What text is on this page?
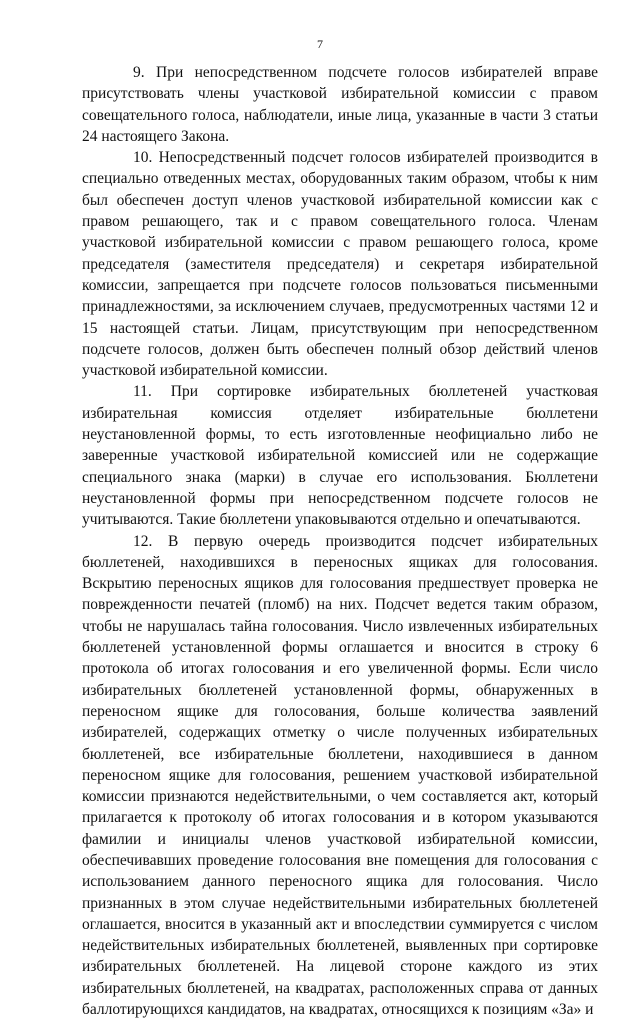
7

9. При непосредственном подсчете голосов избирателей вправе присутствовать члены участковой избирательной комиссии с правом совещательного голоса, наблюдатели, иные лица, указанные в части 3 статьи 24 настоящего Закона.

10. Непосредственный подсчет голосов избирателей производится в специально отведенных местах, оборудованных таким образом, чтобы к ним был обеспечен доступ членов участковой избирательной комиссии как с правом решающего, так и с правом совещательного голоса. Членам участковой избирательной комиссии с правом решающего голоса, кроме председателя (заместителя председателя) и секретаря избирательной комиссии, запрещается при подсчете голосов пользоваться письменными принадлежностями, за исключением случаев, предусмотренных частями 12 и 15 настоящей статьи. Лицам, присутствующим при непосредственном подсчете голосов, должен быть обеспечен полный обзор действий членов участковой избирательной комиссии.

11. При сортировке избирательных бюллетеней участковая избирательная комиссия отделяет избирательные бюллетени неустановленной формы, то есть изготовленные неофициально либо не заверенные участковой избирательной комиссией или не содержащие специального знака (марки) в случае его использования. Бюллетени неустановленной формы при непосредственном подсчете голосов не учитываются. Такие бюллетени упаковываются отдельно и опечатываются.

12. В первую очередь производится подсчет избирательных бюллетеней, находившихся в переносных ящиках для голосования. Вскрытию переносных ящиков для голосования предшествует проверка не поврежденности печатей (пломб) на них. Подсчет ведется таким образом, чтобы не нарушалась тайна голосования. Число извлеченных избирательных бюллетеней установленной формы оглашается и вносится в строку 6 протокола об итогах голосования и его увеличенной формы. Если число избирательных бюллетеней установленной формы, обнаруженных в переносном ящике для голосования, больше количества заявлений избирателей, содержащих отметку о числе полученных избирательных бюллетеней, все избирательные бюллетени, находившиеся в данном переносном ящике для голосования, решением участковой избирательной комиссии признаются недействительными, о чем составляется акт, который прилагается к протоколу об итогах голосования и в котором указываются фамилии и инициалы членов участковой избирательной комиссии, обеспечивавших проведение голосования вне помещения для голосования с использованием данного переносного ящика для голосования. Число признанных в этом случае недействительными избирательных бюллетеней оглашается, вносится в указанный акт и впоследствии суммируется с числом недействительных избирательных бюллетеней, выявленных при сортировке избирательных бюллетеней. На лицевой стороне каждого из этих избирательных бюллетеней, на квадратах, расположенных справа от данных баллотирующихся кандидатов, на квадратах, относящихся к позициям «За» и
